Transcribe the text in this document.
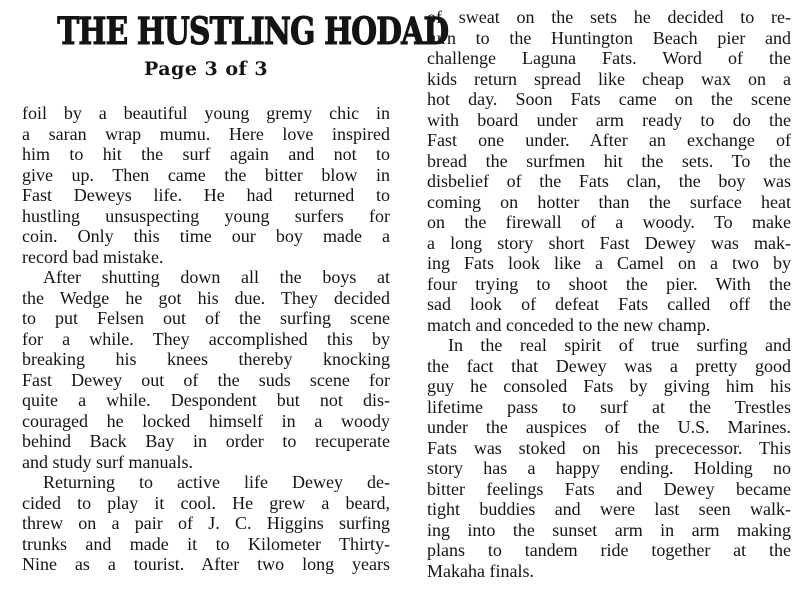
THE HUSTLING HODAD
Page 3 of 3
foil by a beautiful young gremy chic in
a saran wrap mumu. Here love inspired
him to hit the surf again and not to
give up. Then came the bitter blow in
Fast Deweys life. He had returned to
hustling unsuspecting young surfers for
coin. Only this time our boy made a
record bad mistake.
After shutting down all the boys at
the Wedge he got his due. They decided
to put Felsen out of the surfing scene
for a while. They accomplished this by
breaking his knees thereby knocking
Fast Dewey out of the suds scene for
quite a while. Despondent but not dis-
couraged he locked himself in a woody
behind Back Bay in order to recuperate
and study surf manuals.
Returning to active life Dewey de-
cided to play it cool. He grew a beard,
threw on a pair of J. C. Higgins surfing
trunks and made it to Kilometer Thirty-
Nine as a tourist. After two long years
of sweat on the sets he decided to re-
turn to the Huntington Beach pier and
challenge Laguna Fats. Word of the
kids return spread like cheap wax on a
hot day. Soon Fats came on the scene
with board under arm ready to do the
Fast one under. After an exchange of
bread the surfmen hit the sets. To the
disbelief of the Fats clan, the boy was
coming on hotter than the surface heat
on the firewall of a woody. To make
a long story short Fast Dewey was mak-
ing Fats look like a Camel on a two by
four trying to shoot the pier. With the
sad look of defeat Fats called off the
match and conceded to the new champ.
In the real spirit of true surfing and
the fact that Dewey was a pretty good
guy he consoled Fats by giving him his
lifetime pass to surf at the Trestles
under the auspices of the U.S. Marines.
Fats was stoked on his prececessor. This
story has a happy ending. Holding no
bitter feelings Fats and Dewey became
tight buddies and were last seen walk-
ing into the sunset arm in arm making
plans to tandem ride together at the
Makaha finals.
